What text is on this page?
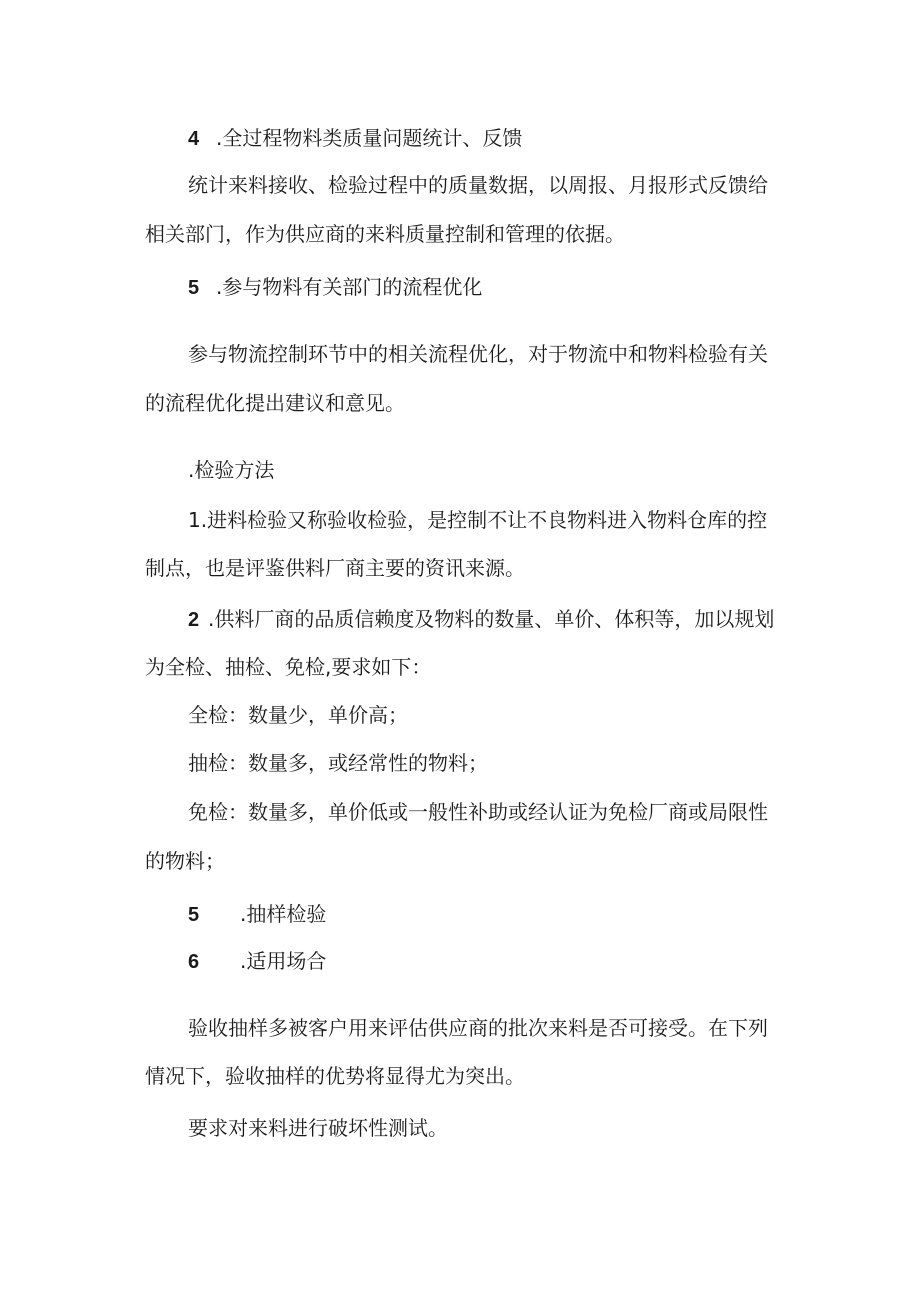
4 .全过程物料类质量问题统计、反馈
统计来料接收、检验过程中的质量数据，以周报、月报形式反馈给
相关部门，作为供应商的来料质量控制和管理的依据。
5 .参与物料有关部门的流程优化
参与物流控制环节中的相关流程优化，对于物流中和物料检验有关
的流程优化提出建议和意见。
.检验方法
1.进料检验又称验收检验，是控制不让不良物料进入物料仓库的控
制点，也是评鉴供料厂商主要的资讯来源。
2 .供料厂商的品质信赖度及物料的数量、单价、体积等，加以规划
为全检、抽检、免检,要求如下：
全检：数量少，单价高；
抽检：数量多，或经常性的物料；
免检：数量多，单价低或一般性补助或经认证为免检厂商或局限性
的物料；
5 .抽样检验
6 .适用场合
验收抽样多被客户用来评估供应商的批次来料是否可接受。在下列
情况下，验收抽样的优势将显得尤为突出。
要求对来料进行破坏性测试。
